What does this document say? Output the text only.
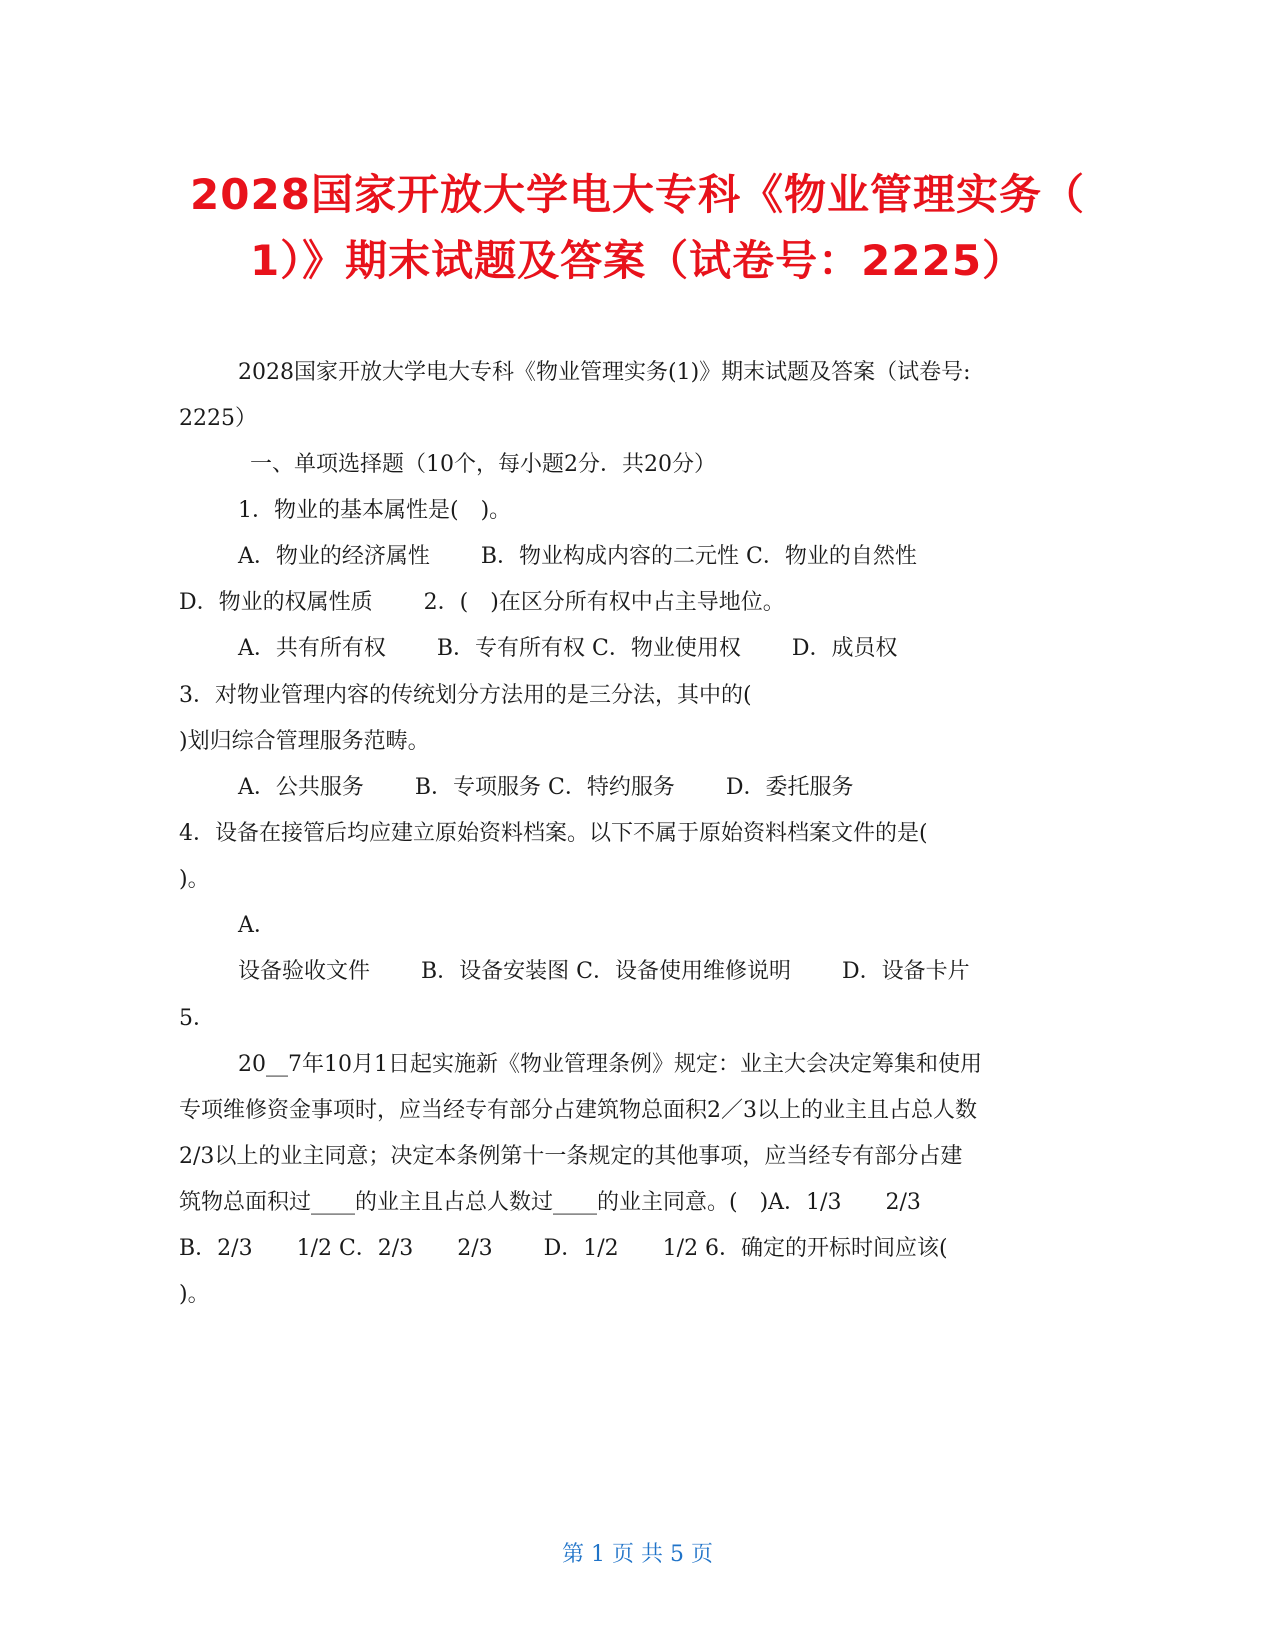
2028国家开放大学电大专科《物业管理实务（
1）》期末试题及答案（试卷号：2225）
2028国家开放大学电大专科《物业管理实务(1)》期末试题及答案（试卷号:
2225）
一、单项选择题（10个，每小题2分．共20分）
1．物业的基本属性是(　)。
A．物业的经济属性　　 B．物业构成内容的二元性 C．物业的自然性
D．物业的权属性质　　 2．(　)在区分所有权中占主导地位。
A．共有所有权　　 B．专有所有权 C．物业使用权　　 D．成员权
3．对物业管理内容的传统划分方法用的是三分法，其中的(
)划归综合管理服务范畴。
A．公共服务　　 B．专项服务 C．特约服务　　 D．委托服务
4．设备在接管后均应建立原始资料档案。以下不属于原始资料档案文件的是(
)。
A．
设备验收文件　　 B．设备安装图 C．设备使用维修说明　　 D．设备卡片
5．
20__7年10月1日起实施新《物业管理条例》规定：业主大会决定筹集和使用
专项维修资金事项时，应当经专有部分占建筑物总面积2／3以上的业主且占总人数
2/3以上的业主同意；决定本条例第十一条规定的其他事项，应当经专有部分占建
筑物总面积过____的业主且占总人数过____的业主同意。(　)A．1/3　　2/3
B．2/3　　1/2 C．2/3　　2/3　　 D．1/2　　1/2 6．确定的开标时间应该(
)。
第 1 页 共 5 页
